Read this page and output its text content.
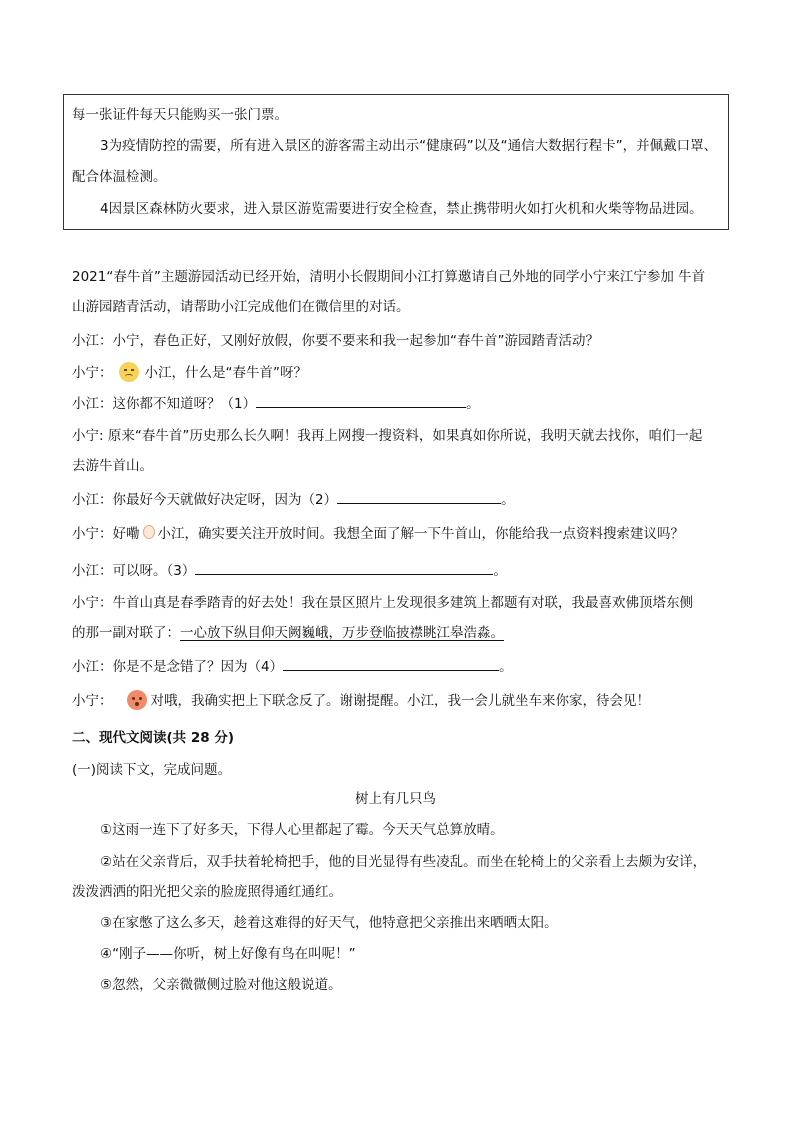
每一张证件每天只能购买一张门票。
3为疫情防控的需要，所有进入景区的游客需主动出示“健康码”以及“通信大数据行程卡”，并佩戴口罩、
配合体温检测。
4因景区森林防火要求，进入景区游览需要进行安全检查，禁止携带明火如打火机和火柴等物品进园。
2021“春牛首”主题游园活动已经开始，清明小长假期间小江打算邀请自己外地的同学小宁来江宁参加 牛首
山游园踏青活动，请帮助小江完成他们在微信里的对话。
小江：小宁，春色正好，又刚好放假，你要不要来和我一起参加“春牛首”游园踏青活动？
小宁： 小江，什么是“春牛首”呀？
小江：这你都不知道呀？（1）	。
小宁: 原来“春牛首”历史那么长久啊！我再上网搜一搜资料，如果真如你所说，我明天就去找你，咱们一起
去游牛首山。
小江：你最好今天就做好决定呀，因为（2）	。
小宁：好嘞 小江，确实要关注开放时间。我想全面了解一下牛首山，你能给我一点资料搜索建议吗？
小江：可以呀。（3）	。
小宁：牛首山真是春季踏青的好去处！我在景区照片上发现很多建筑上都题有对联，我最喜欢佛顶塔东侧
的那一副对联了：一心放下纵目仰天阙巍峨，万步登临披襟眺江皋浩淼。
小江：你是不是念错了？因为（4）	。
小宁：	对哦，我确实把上下联念反了。谢谢提醒。小江，我一会儿就坐车来你家，待会见！
二、现代文阅读(共 28 分)
(一)阅读下文，完成问题。
树上有几只鸟
①这雨一连下了好多天，下得人心里都起了霉。今天天气总算放晴。
②站在父亲背后，双手扶着轮椅把手，他的目光显得有些凌乱。而坐在轮椅上的父亲看上去颇为安详，
泼泼洒洒的阳光把父亲的脸庞照得通红通红。
③在家憋了这么多天，趁着这难得的好天气，他特意把父亲推出来晒晒太阳。
④“刚子——你听，树上好像有鸟在叫呢！”
⑤忽然，父亲微微侧过脸对他这般说道。
